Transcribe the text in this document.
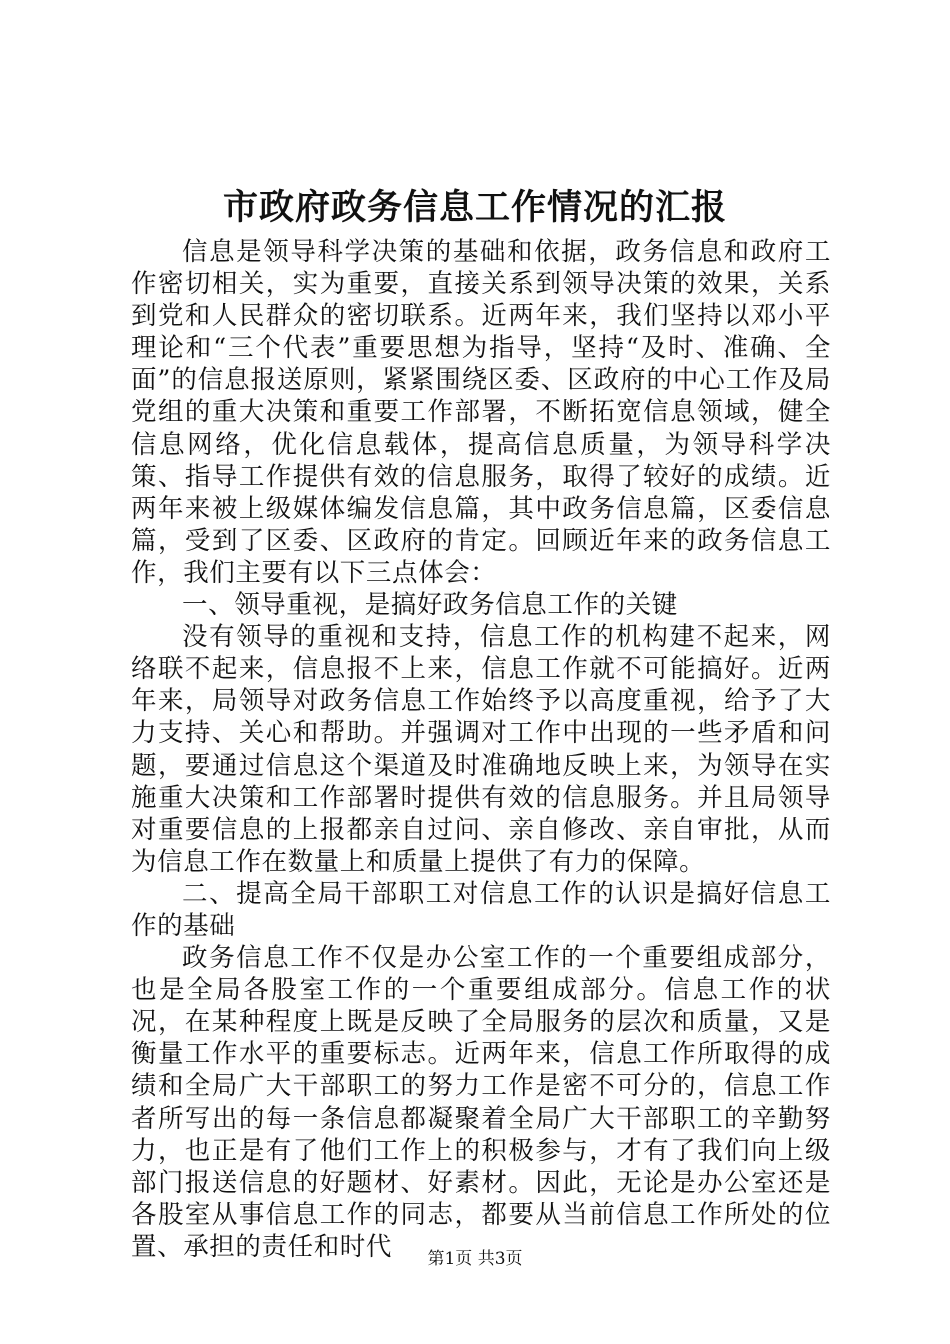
市政府政务信息工作情况的汇报

信息是领导科学决策的基础和依据，政务信息和政府工作密切相关，实为重要，直接关系到领导决策的效果，关系到党和人民群众的密切联系。近两年来，我们坚持以邓小平理论和“三个代表”重要思想为指导，坚持“及时、准确、全面”的信息报送原则，紧紧围绕区委、区政府的中心工作及局党组的重大决策和重要工作部署，不断拓宽信息领域，健全信息网络，优化信息载体，提高信息质量，为领导科学决策、指导工作提供有效的信息服务，取得了较好的成绩。近两年来被上级媒体编发信息篇，其中政务信息篇，区委信息篇，受到了区委、区政府的肯定。回顾近年来的政务信息工作，我们主要有以下三点体会：

一、领导重视，是搞好政务信息工作的关键

没有领导的重视和支持，信息工作的机构建不起来，网络联不起来，信息报不上来，信息工作就不可能搞好。近两年来，局领导对政务信息工作始终予以高度重视，给予了大力支持、关心和帮助。并强调对工作中出现的一些矛盾和问题，要通过信息这个渠道及时准确地反映上来，为领导在实施重大决策和工作部署时提供有效的信息服务。并且局领导对重要信息的上报都亲自过问、亲自修改、亲自审批，从而为信息工作在数量上和质量上提供了有力的保障。

二、提高全局干部职工对信息工作的认识是搞好信息工作的基础

政务信息工作不仅是办公室工作的一个重要组成部分，也是全局各股室工作的一个重要组成部分。信息工作的状况，在某种程度上既是反映了全局服务的层次和质量，又是衡量工作水平的重要标志。近两年来，信息工作所取得的成绩和全局广大干部职工的努力工作是密不可分的，信息工作者所写出的每一条信息都凝聚着全局广大干部职工的辛勤努力，也正是有了他们工作上的积极参与，才有了我们向上级部门报送信息的好题材、好素材。因此，无论是办公室还是各股室从事信息工作的同志，都要从当前信息工作所处的位置、承担的责任和时代	第1页 共3页
